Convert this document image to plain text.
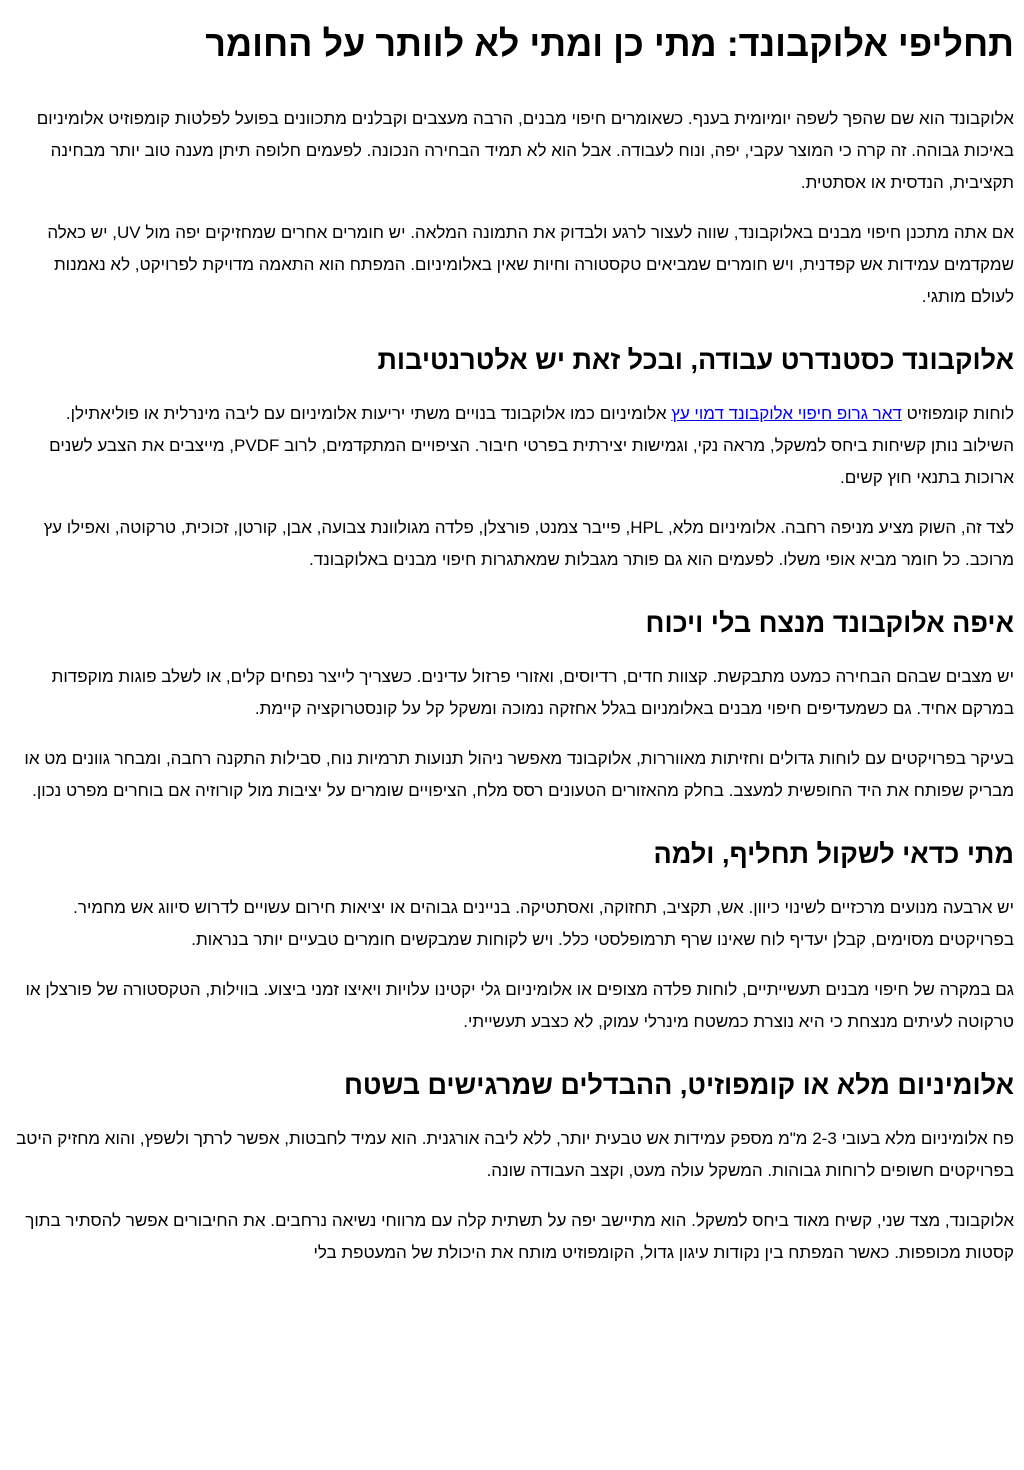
תחליפי אלוקבונד: מתי כן ומתי לא לוותר על החומר

אלוקבונד הוא שם שהפך לשפה יומיומית בענף. כשאומרים חיפוי מבנים, הרבה מעצבים וקבלנים מתכוונים בפועל לפלטות קומפוזיט אלומיניום באיכות גבוהה. זה קרה כי המוצר עקבי, יפה, ונוח לעבודה. אבל הוא לא תמיד הבחירה הנכונה. לפעמים חלופה תיתן מענה טוב יותר מבחינה תקציבית, הנדסית או אסתטית.

אם אתה מתכנן חיפוי מבנים באלוקבונד, שווה לעצור לרגע ולבדוק את התמונה המלאה. יש חומרים אחרים שמחזיקים יפה מול UV, יש כאלה שמקדמים עמידות אש קפדנית, ויש חומרים שמביאים טקסטורה וחיות שאין באלומיניום. המפתח הוא התאמה מדויקת לפרויקט, לא נאמנות לעולם מותגי.

אלוקבונד כסטנדרט עבודה, ובכל זאת יש אלטרנטיבות

לוחות קומפוזיט דאר גרופ חיפוי אלוקבונד דמוי עץ אלומיניום כמו אלוקבונד בנויים משתי יריעות אלומיניום עם ליבה מינרלית או פוליאתילן. השילוב נותן קשיחות ביחס למשקל, מראה נקי, וגמישות יצירתית בפרטי חיבור. הציפויים המתקדמים, לרוב PVDF, מייצבים את הצבע לשנים ארוכות בתנאי חוץ קשים.

לצד זה, השוק מציע מניפה רחבה. אלומיניום מלא, HPL, פייבר צמנט, פורצלן, פלדה מגולוונת צבועה, אבן, קורטן, זכוכית, טרקוטה, ואפילו עץ מרוכב. כל חומר מביא אופי משלו. לפעמים הוא גם פותר מגבלות שמאתגרות חיפוי מבנים באלוקבונד.

איפה אלוקבונד מנצח בלי ויכוח

יש מצבים שבהם הבחירה כמעט מתבקשת. קצוות חדים, רדיוסים, ואזורי פרזול עדינים. כשצריך לייצר נפחים קלים, או לשלב פוגות מוקפדות במרקם אחיד. גם כשמעדיפים חיפוי מבנים באלומניום בגלל אחזקה נמוכה ומשקל קל על קונסטרוקציה קיימת.

בעיקר בפרויקטים עם לוחות גדולים וחזיתות מאווררות, אלוקבונד מאפשר ניהול תנועות תרמיות נוח, סבילות התקנה רחבה, ומבחר גוונים מט או מבריק שפותח את היד החופשית למעצב. בחלק מהאזורים הטעונים רסס מלח, הציפויים שומרים על יציבות מול קורוזיה אם בוחרים מפרט נכון.

מתי כדאי לשקול תחליף, ולמה

יש ארבעה מנועים מרכזיים לשינוי כיוון. אש, תקציב, תחזוקה, ואסתטיקה. בניינים גבוהים או יציאות חירום עשויים לדרוש סיווג אש מחמיר. בפרויקטים מסוימים, קבלן יעדיף לוח שאינו שרף תרמופלסטי כלל. ויש לקוחות שמבקשים חומרים טבעיים יותר בנראות.

גם במקרה של חיפוי מבנים תעשייתיים, לוחות פלדה מצופים או אלומיניום גלי יקטינו עלויות ויאיצו זמני ביצוע. בווילות, הטקסטורה של פורצלן או טרקוטה לעיתים מנצחת כי היא נוצרת כמשטח מינרלי עמוק, לא כצבע תעשייתי.

אלומיניום מלא או קומפוזיט, ההבדלים שמרגישים בשטח

פח אלומיניום מלא בעובי 2-3 מ"מ מספק עמידות אש טבעית יותר, ללא ליבה אורגנית. הוא עמיד לחבטות, אפשר לרתך ולשפץ, והוא מחזיק היטב בפרויקטים חשופים לרוחות גבוהות. המשקל עולה מעט, וקצב העבודה שונה.

אלוקבונד, מצד שני, קשיח מאוד ביחס למשקל. הוא מתיישב יפה על תשתית קלה עם מרווחי נשיאה נרחבים. את החיבורים אפשר להסתיר בתוך קסטות מכופפות. כאשר המפתח בין נקודות עיגון גדול, הקומפוזיט מותח את היכולת של המעטפת בלי
